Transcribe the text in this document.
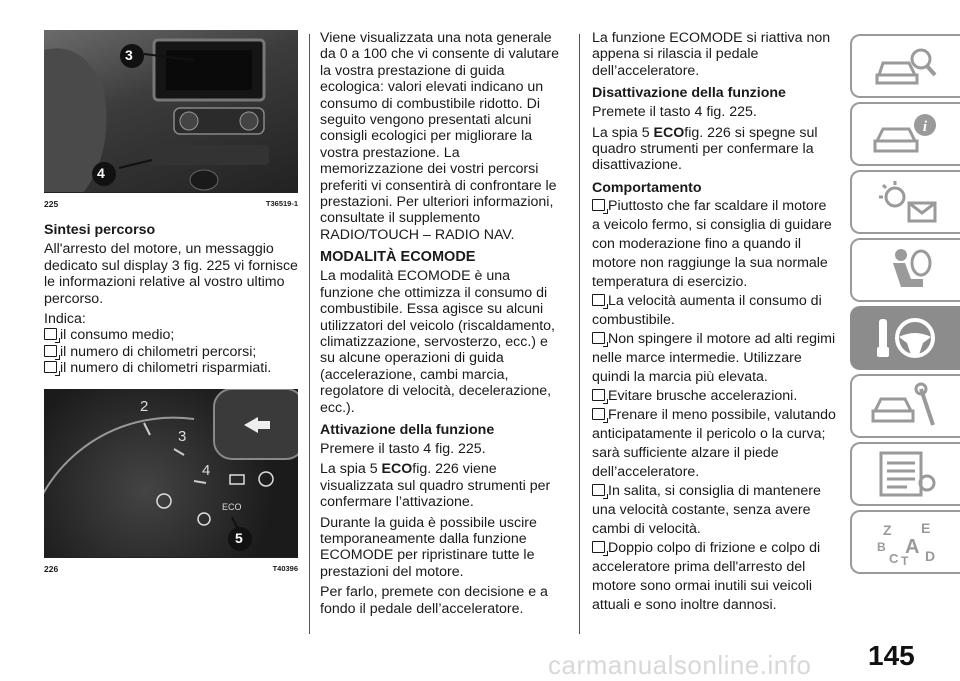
3
4
225	T36519-1
Sintesi percorso

All'arresto del motore, un messaggio dedicato sul display 3 fig. 225 vi fornisce le informazioni relative al vostro ultimo percorso.

Indica:

il consumo medio;
il numero di chilometri percorsi;
il numero di chilometri risparmiati.
2
3
4
ECO
5
226	T40396

Viene visualizzata una nota generale da 0 a 100 che vi consente di valutare la vostra prestazione di guida ecologica: valori elevati indicano un consumo di combustibile ridotto. Di seguito vengono presentati alcuni consigli ecologici per migliorare la vostra prestazione. La memorizzazione dei vostri percorsi preferiti vi consentirà di confrontare le prestazioni. Per ulteriori informazioni, consultate il supplemento RADIO/TOUCH – RADIO NAV.

MODALITÀ ECOMODE

La modalità ECOMODE è una funzione che ottimizza il consumo di combustibile. Essa agisce su alcuni utilizzatori del veicolo (riscaldamento, climatizzazione, servosterzo, ecc.) e su alcune operazioni di guida (accelerazione, cambi marcia, regolatore di velocità, decelerazione, ecc.).

Attivazione della funzione

Premere il tasto 4 fig. 225.

La spia 5 ECOfig. 226 viene visualizzata sul quadro strumenti per confermare l’attivazione.

Durante la guida è possibile uscire temporaneamente dalla funzione ECOMODE per ripristinare tutte le prestazioni del motore.

Per farlo, premete con decisione e a fondo il pedale dell’acceleratore.

La funzione ECOMODE si riattiva non appena si rilascia il pedale dell’acceleratore.

Disattivazione della funzione

Premete il tasto 4 fig. 225.

La spia 5 ECOfig. 226 si spegne sul quadro strumenti per confermare la disattivazione.

Comportamento
Piuttosto che far scaldare il motore a veicolo fermo, si consiglia di guidare con moderazione fino a quando il motore non raggiunge la sua normale temperatura di esercizio.
La velocità aumenta il consumo di combustibile.
Non spingere il motore ad alti regimi nelle marce intermedie. Utilizzare quindi la marcia più elevata.
Evitare brusche accelerazioni.
Frenare il meno possibile, valutando anticipatamente il pericolo o la curva; sarà sufficiente alzare il piede dell’acceleratore.
In salita, si consiglia di mantenere una velocità costante, senza avere cambi di velocità.
Doppio colpo di frizione e colpo di acceleratore prima dell'arresto del motore sono ormai inutili sui veicoli attuali e sono inoltre dannosi.
i
Z E
B A
C T D
145
carmanualsonline.info
